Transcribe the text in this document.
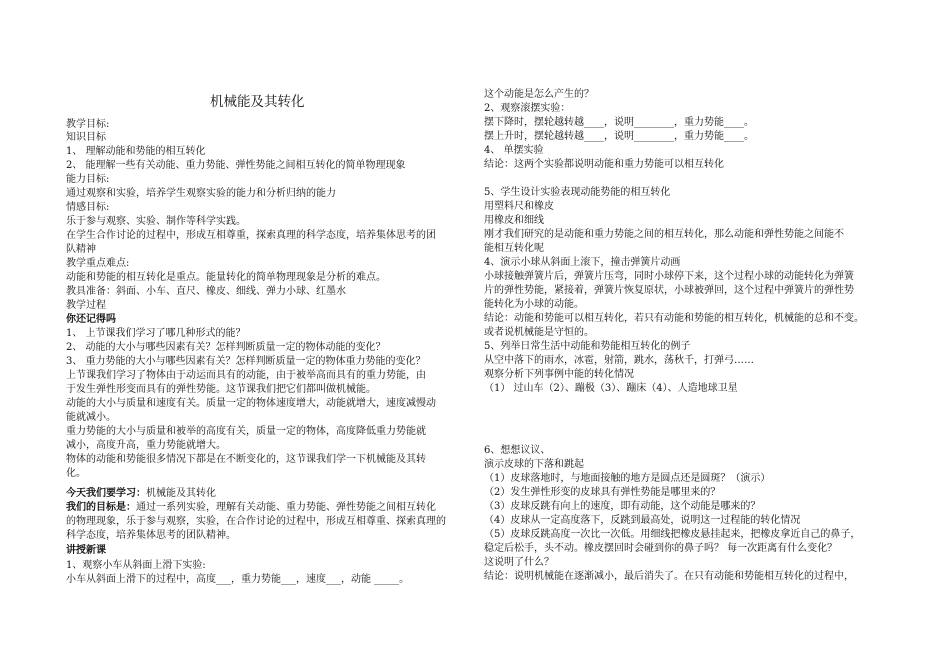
机械能及其转化
教学目标:
知识目标
1、 理解动能和势能的相互转化
2、 能理解一些有关动能、重力势能、弹性势能之间相互转化的简单物理现象
能力目标:
通过观察和实验，培养学生观察实验的能力和分析归纳的能力
情感目标:
乐于参与观察、实验、制作等科学实践。
在学生合作讨论的过程中，形成互相尊重，探索真理的科学态度，培养集体思考的团
队精神
教学重点难点:
动能和势能的相互转化是重点。能量转化的简单物理现象是分析的难点。
教具准备：斜面、小车、直尺、橡皮、细线、弹力小球、红墨水
教学过程
你还记得吗
1、 上节课我们学习了哪几种形式的能？
2、 动能的大小与哪些因素有关？怎样判断质量一定的物体动能的变化？
3、 重力势能的大小与哪些因素有关？怎样判断质量一定的物体重力势能的变化？
上节课我们学习了物体由于动运而具有的动能，由于被举高而具有的重力势能，由
于发生弹性形变而具有的弹性势能。这节课我们把它们都叫做机械能。
动能的大小与质量和速度有关。质量一定的物体速度增大，动能就增大，速度减慢动
能就减小。
重力势能的大小与质量和被举的高度有关，质量一定的物体，高度降低重力势能就
减小，高度升高，重力势能就增大。
物体的动能和势能很多情况下都是在不断变化的，这节课我们学一下机械能及其转
化。
今天我们要学习：机械能及其转化
我们的目标是：通过一系列实验，理解有关动能、重力势能、弹性势能之间相互转化
的物理现象，乐于参与观察，实验，在合作讨论的过程中，形成互相尊重、探索真理的
科学态度，培养集体思考的团队精神。
讲授新课
1、观察小车从斜面上滑下实验:
小车从斜面上滑下的过程中，高度___，重力势能___，速度___，动能 _____。
这个动能是怎么产生的？
2、观察滚摆实验：
摆下降时，摆轮越转越____，说明________，重力势能____。
摆上升时，摆轮越转越____，说明________，重力势能____。
4、 单摆实验
结论：这两个实验都说明动能和重力势能可以相互转化
5、学生设计实验表现动能势能的相互转化
用塑料尺和橡皮
用橡皮和细线
刚才我们研究的是动能和重力势能之间的相互转化，那么动能和弹性势能之间能不
能相互转化呢
4、演示小球从斜面上滚下，撞击弹簧片动画
小球接触弹簧片后，弹簧片压弯，同时小球停下来，这个过程小球的动能转化为弹簧
片的弹性势能，紧接着，弹簧片恢复原状，小球被弹回，这个过程中弹簧片的弹性势
能转化为小球的动能。
结论：动能和势能可以相互转化，若只有动能和势能的相互转化，机械能的总和不变。
或者说机械能是守恒的。
5、列举日常生活中动能和势能相互转化的例子
从空中落下的雨水，冰雹，射箭，跳水，荡秋千，打弹弓……
观察分析下列事例中能的转化情况
（1） 过山车（2）、蹦极（3）、蹦床（4）、人造地球卫星
6、想想议议、
演示皮球的下落和跳起
（1）皮球落地时，与地面接触的地方是圆点还是圆斑？（演示）
（2）发生弹性形变的皮球具有弹性势能是哪里来的？
（3）皮球反跳有向上的速度，即有动能，这个动能是哪来的？
（4）皮球从一定高度落下，反跳到最高处，说明这一过程能的转化情况
（5）皮球反跳高度一次比一次低。用细线把橡皮悬挂起来，把橡皮拿近自己的鼻子，
稳定后松手，头不动。橡皮摆回时会碰到你的鼻子吗？ 每一次距离有什么变化？
这说明了什么？
结论：说明机械能在逐渐减小，最后消失了。在只有动能和势能相互转化的过程中，
